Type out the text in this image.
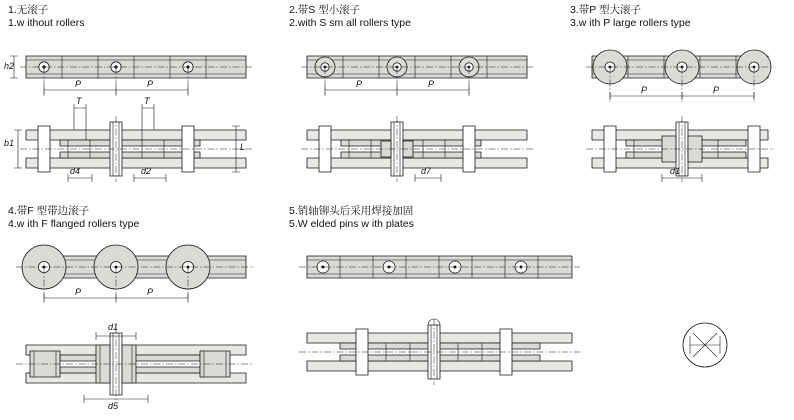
1.无滚子
1.w ithout rollers
2.带S 型小滚子
2.with S sm all rollers type
3.带P 型大滚子
3.w ith P large rollers type
4.带F 型带边滚子
4.w ith F flanged rollers type
5.销轴铆头后采用焊接加固
5.W elded pins w ith plates
h2
P	P
T	T
b1	L
d4	d2
P	P
d7
P	P
d1
P	P
d1
d5
